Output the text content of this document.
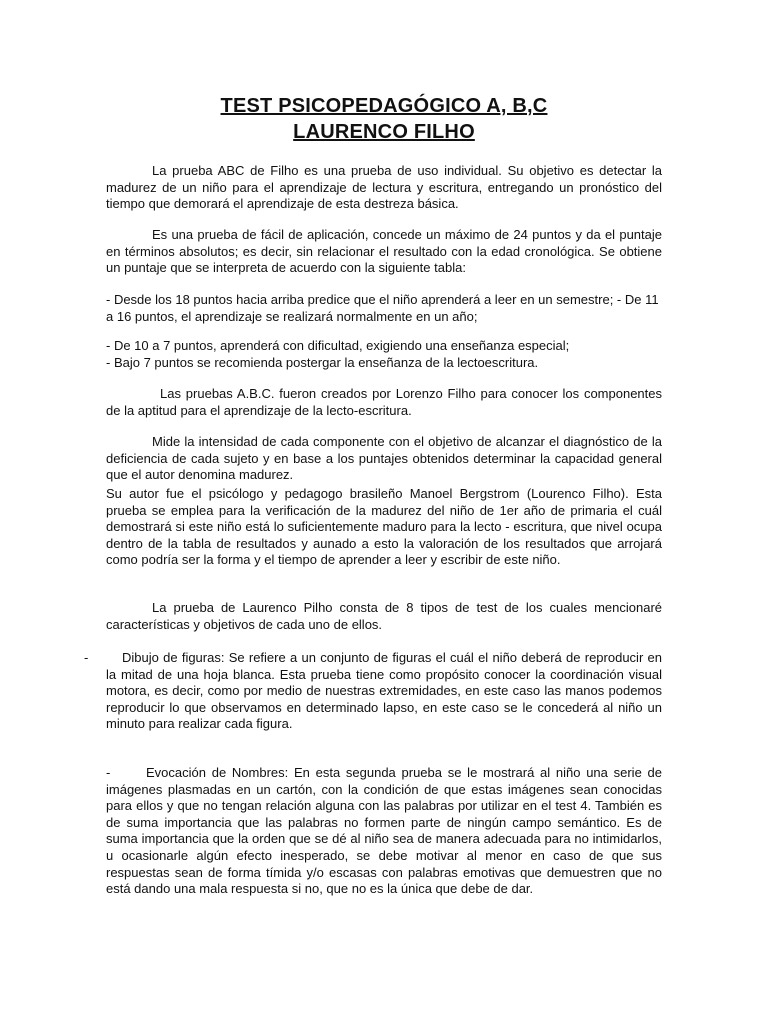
TEST PSICOPEDAGÓGICO A, B,C
LAURENCO FILHO

La prueba ABC de Filho es una prueba de uso individual. Su objetivo es detectar la madurez de un niño para el aprendizaje de lectura y escritura, entregando un pronóstico del tiempo que demorará el aprendizaje de esta destreza básica.

Es una prueba de fácil de aplicación, concede un máximo de 24 puntos y da el puntaje en términos absolutos; es decir, sin relacionar el resultado con la edad cronológica. Se obtiene un puntaje que se interpreta de acuerdo con la siguiente tabla:

- Desde los 18 puntos hacia arriba predice que el niño aprenderá a leer en un semestre; - De 11 a 16 puntos, el aprendizaje se realizará normalmente en un año;

- De 10 a 7 puntos, aprenderá con dificultad, exigiendo una enseñanza especial;
- Bajo 7 puntos se recomienda postergar la enseñanza de la lectoescritura.

Las pruebas A.B.C. fueron creados por Lorenzo Filho para conocer los componentes de la aptitud para el aprendizaje de la lecto-escritura.

Mide la intensidad de cada componente con el objetivo de alcanzar el diagnóstico de la deficiencia de cada sujeto y en base a los puntajes obtenidos determinar la capacidad general que el autor denomina madurez.

Su autor fue el psicólogo y pedagogo brasileño Manoel Bergstrom (Lourenco Filho). Esta prueba se emplea para la verificación de la madurez del niño de 1er año de primaria el cuál demostrará si este niño está lo suficientemente maduro para la lecto - escritura, que nivel ocupa dentro de la tabla de resultados y aunado a esto la valoración de los resultados que arrojará como podría ser la forma y el tiempo de aprender a leer y escribir de este niño.

La prueba de Laurenco Pilho consta de 8 tipos de test de los cuales mencionaré características y objetivos de cada uno de ellos.

-	Dibujo de figuras: Se refiere a un conjunto de figuras el cuál el niño deberá de reproducir en la mitad de una hoja blanca. Esta prueba tiene como propósito conocer la coordinación visual motora, es decir, como por medio de nuestras extremidades, en este caso las manos podemos reproducir lo que observamos en determinado lapso, en este caso se le concederá al niño un minuto para realizar cada figura.

-	Evocación de Nombres: En esta segunda prueba se le mostrará al niño una serie de imágenes plasmadas en un cartón, con la condición de que estas imágenes sean conocidas para ellos y que no tengan relación alguna con las palabras por utilizar en el test 4. También es de suma importancia que las palabras no formen parte de ningún campo semántico. Es de suma importancia que la orden que se dé al niño sea de manera adecuada para no intimidarlos, u ocasionarle algún efecto inesperado, se debe motivar al menor en caso de que sus respuestas sean de forma tímida y/o escasas con palabras emotivas que demuestren que no está dando una mala respuesta si no, que no es la única que debe de dar.
